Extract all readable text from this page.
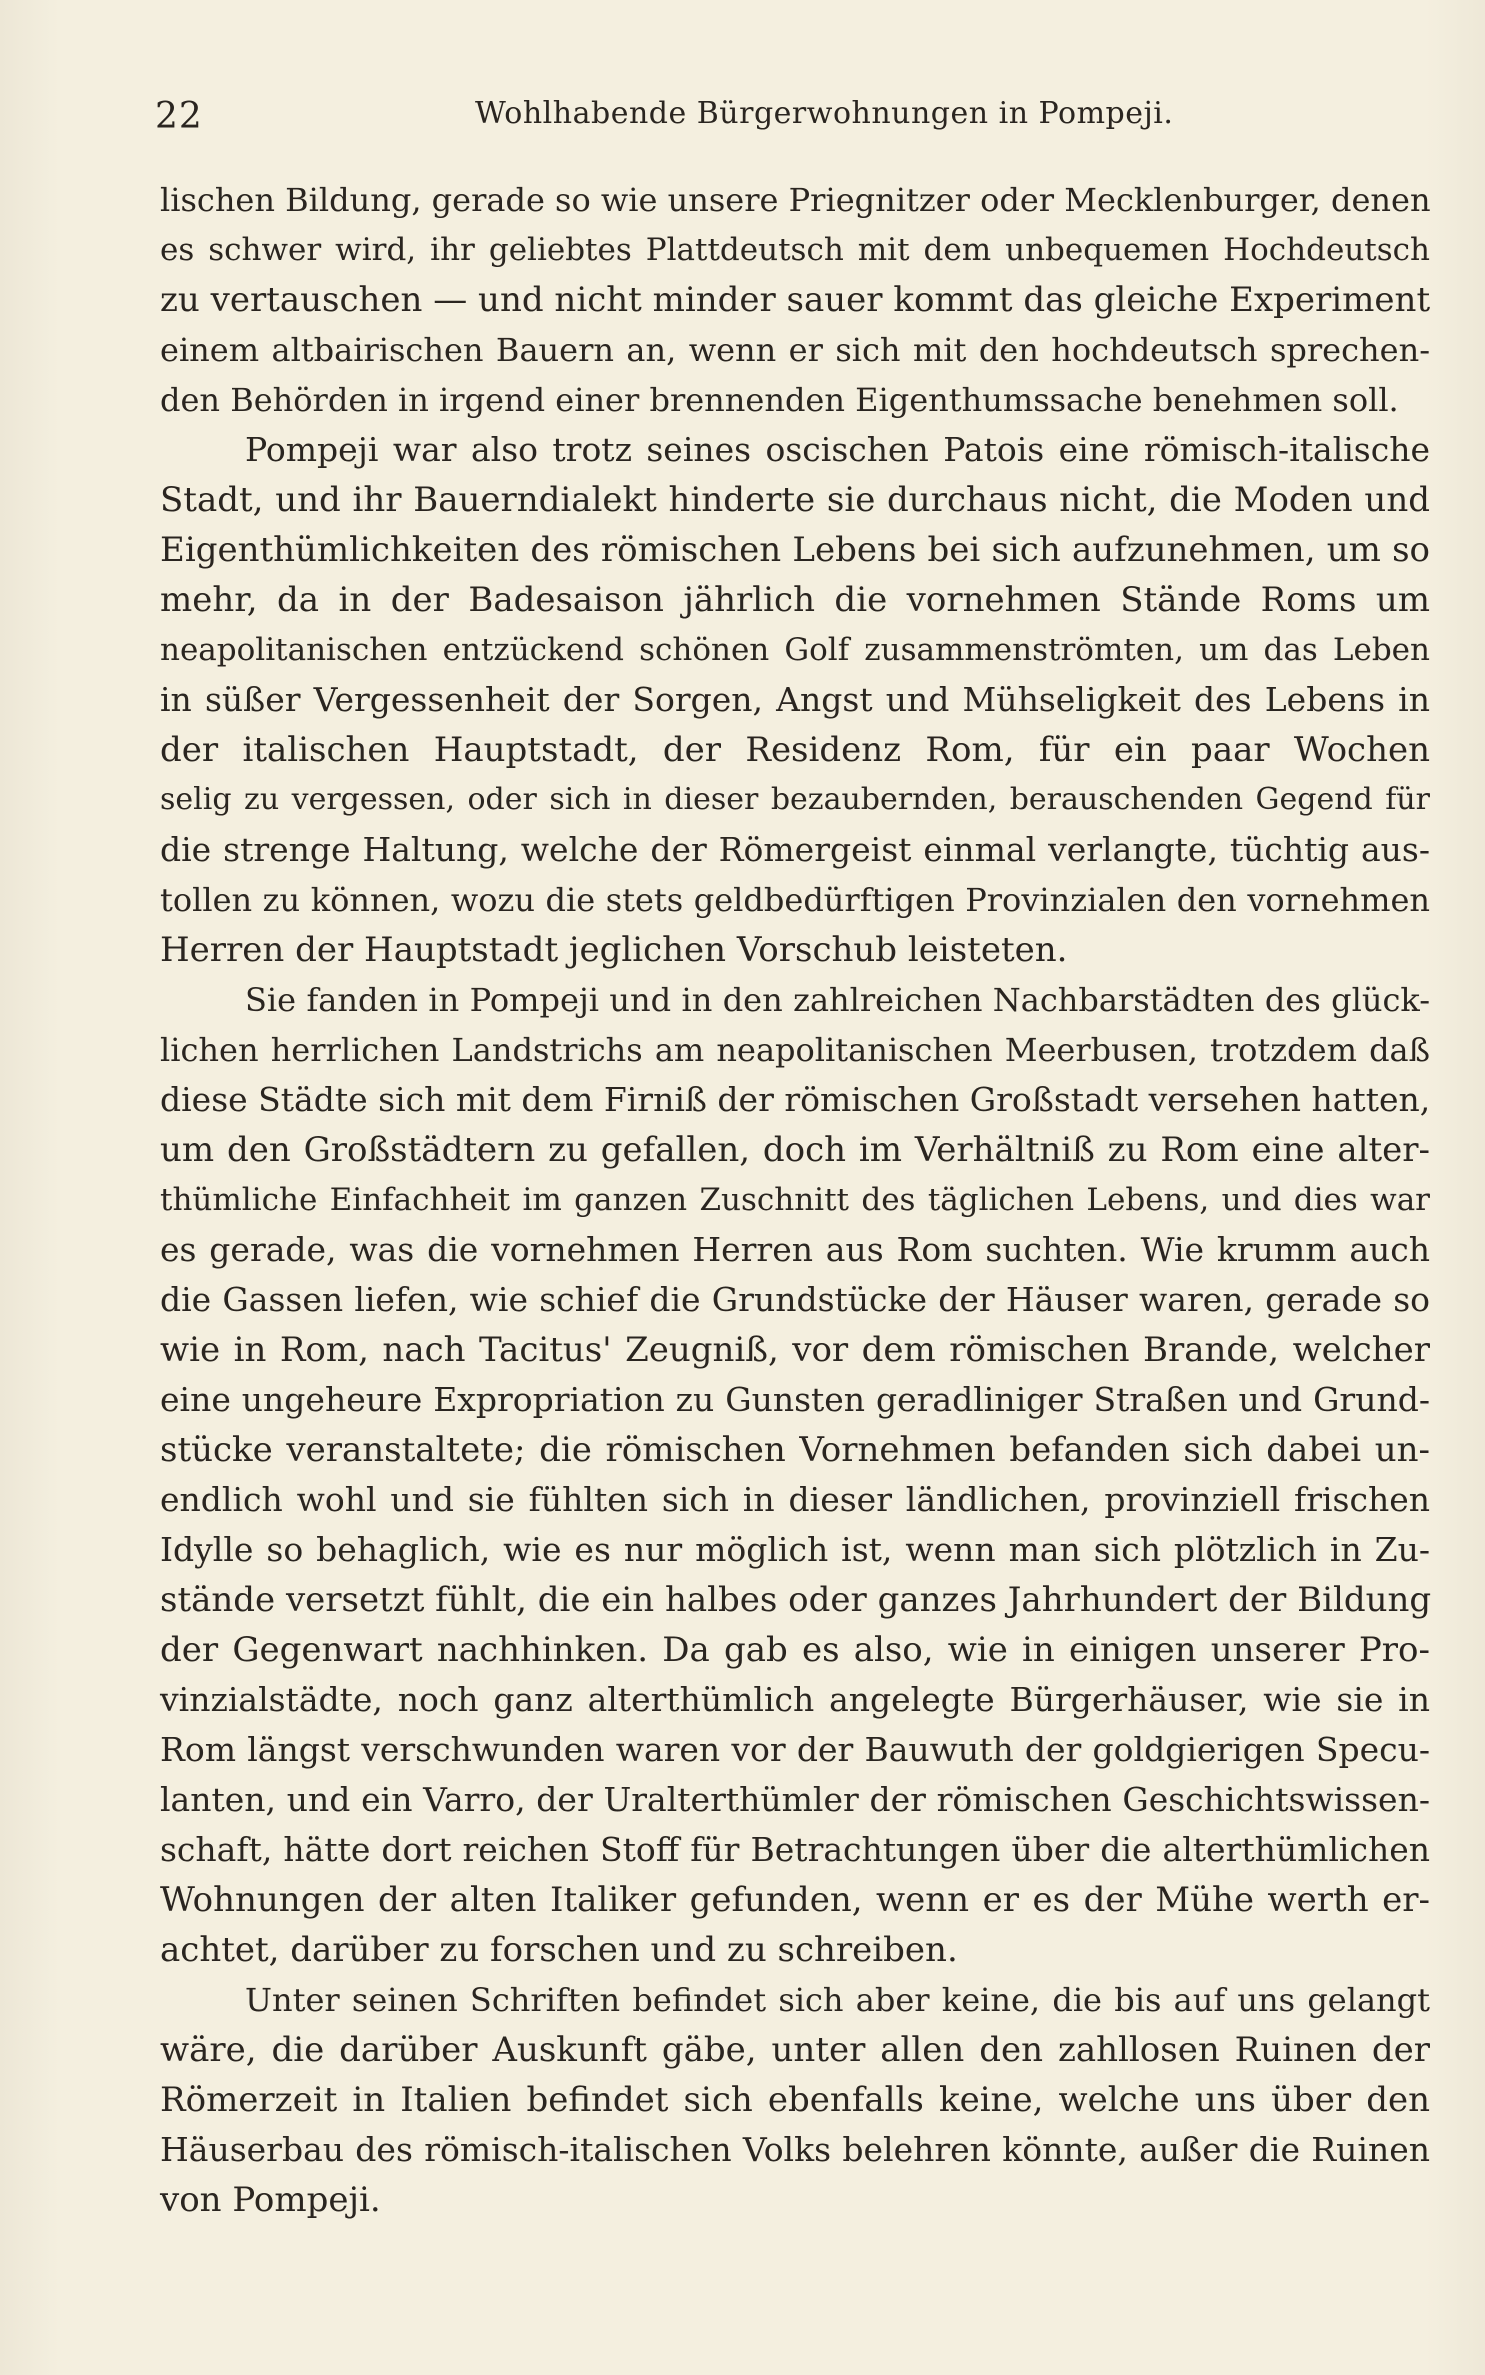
22	Wohlhabende Bürgerwohnungen in Pompeji.
lischen Bildung, gerade so wie unsere Priegnitzer oder Mecklenburger, denen
es schwer wird, ihr geliebtes Plattdeutsch mit dem unbequemen Hochdeutsch
zu vertauschen — und nicht minder sauer kommt das gleiche Experiment
einem altbairischen Bauern an, wenn er sich mit den hochdeutsch sprechen-
den Behörden in irgend einer brennenden Eigenthumssache benehmen soll.
Pompeji war also trotz seines oscischen Patois eine römisch-italische
Stadt, und ihr Bauerndialekt hinderte sie durchaus nicht, die Moden und
Eigenthümlichkeiten des römischen Lebens bei sich aufzunehmen, um so
mehr, da in der Badesaison jährlich die vornehmen Stände Roms um
neapolitanischen entzückend schönen Golf zusammenströmten, um das Leben
in süßer Vergessenheit der Sorgen, Angst und Mühseligkeit des Lebens in
der italischen Hauptstadt, der Residenz Rom, für ein paar Wochen
selig zu vergessen, oder sich in dieser bezaubernden, berauschenden Gegend für
die strenge Haltung, welche der Römergeist einmal verlangte, tüchtig aus-
tollen zu können, wozu die stets geldbedürftigen Provinzialen den vornehmen
Herren der Hauptstadt jeglichen Vorschub leisteten.
Sie fanden in Pompeji und in den zahlreichen Nachbarstädten des glück-
lichen herrlichen Landstrichs am neapolitanischen Meerbusen, trotzdem daß
diese Städte sich mit dem Firniß der römischen Großstadt versehen hatten,
um den Großstädtern zu gefallen, doch im Verhältniß zu Rom eine alter-
thümliche Einfachheit im ganzen Zuschnitt des täglichen Lebens, und dies war
es gerade, was die vornehmen Herren aus Rom suchten. Wie krumm auch
die Gassen liefen, wie schief die Grundstücke der Häuser waren, gerade so
wie in Rom, nach Tacitus' Zeugniß, vor dem römischen Brande, welcher
eine ungeheure Expropriation zu Gunsten geradliniger Straßen und Grund-
stücke veranstaltete; die römischen Vornehmen befanden sich dabei un-
endlich wohl und sie fühlten sich in dieser ländlichen, provinziell frischen
Idylle so behaglich, wie es nur möglich ist, wenn man sich plötzlich in Zu-
stände versetzt fühlt, die ein halbes oder ganzes Jahrhundert der Bildung
der Gegenwart nachhinken. Da gab es also, wie in einigen unserer Pro-
vinzialstädte, noch ganz alterthümlich angelegte Bürgerhäuser, wie sie in
Rom längst verschwunden waren vor der Bauwuth der goldgierigen Specu-
lanten, und ein Varro, der Uralterthümler der römischen Geschichtswissen-
schaft, hätte dort reichen Stoff für Betrachtungen über die alterthümlichen
Wohnungen der alten Italiker gefunden, wenn er es der Mühe werth er-
achtet, darüber zu forschen und zu schreiben.
Unter seinen Schriften befindet sich aber keine, die bis auf uns gelangt
wäre, die darüber Auskunft gäbe, unter allen den zahllosen Ruinen der
Römerzeit in Italien befindet sich ebenfalls keine, welche uns über den
Häuserbau des römisch-italischen Volks belehren könnte, außer die Ruinen
von Pompeji.
